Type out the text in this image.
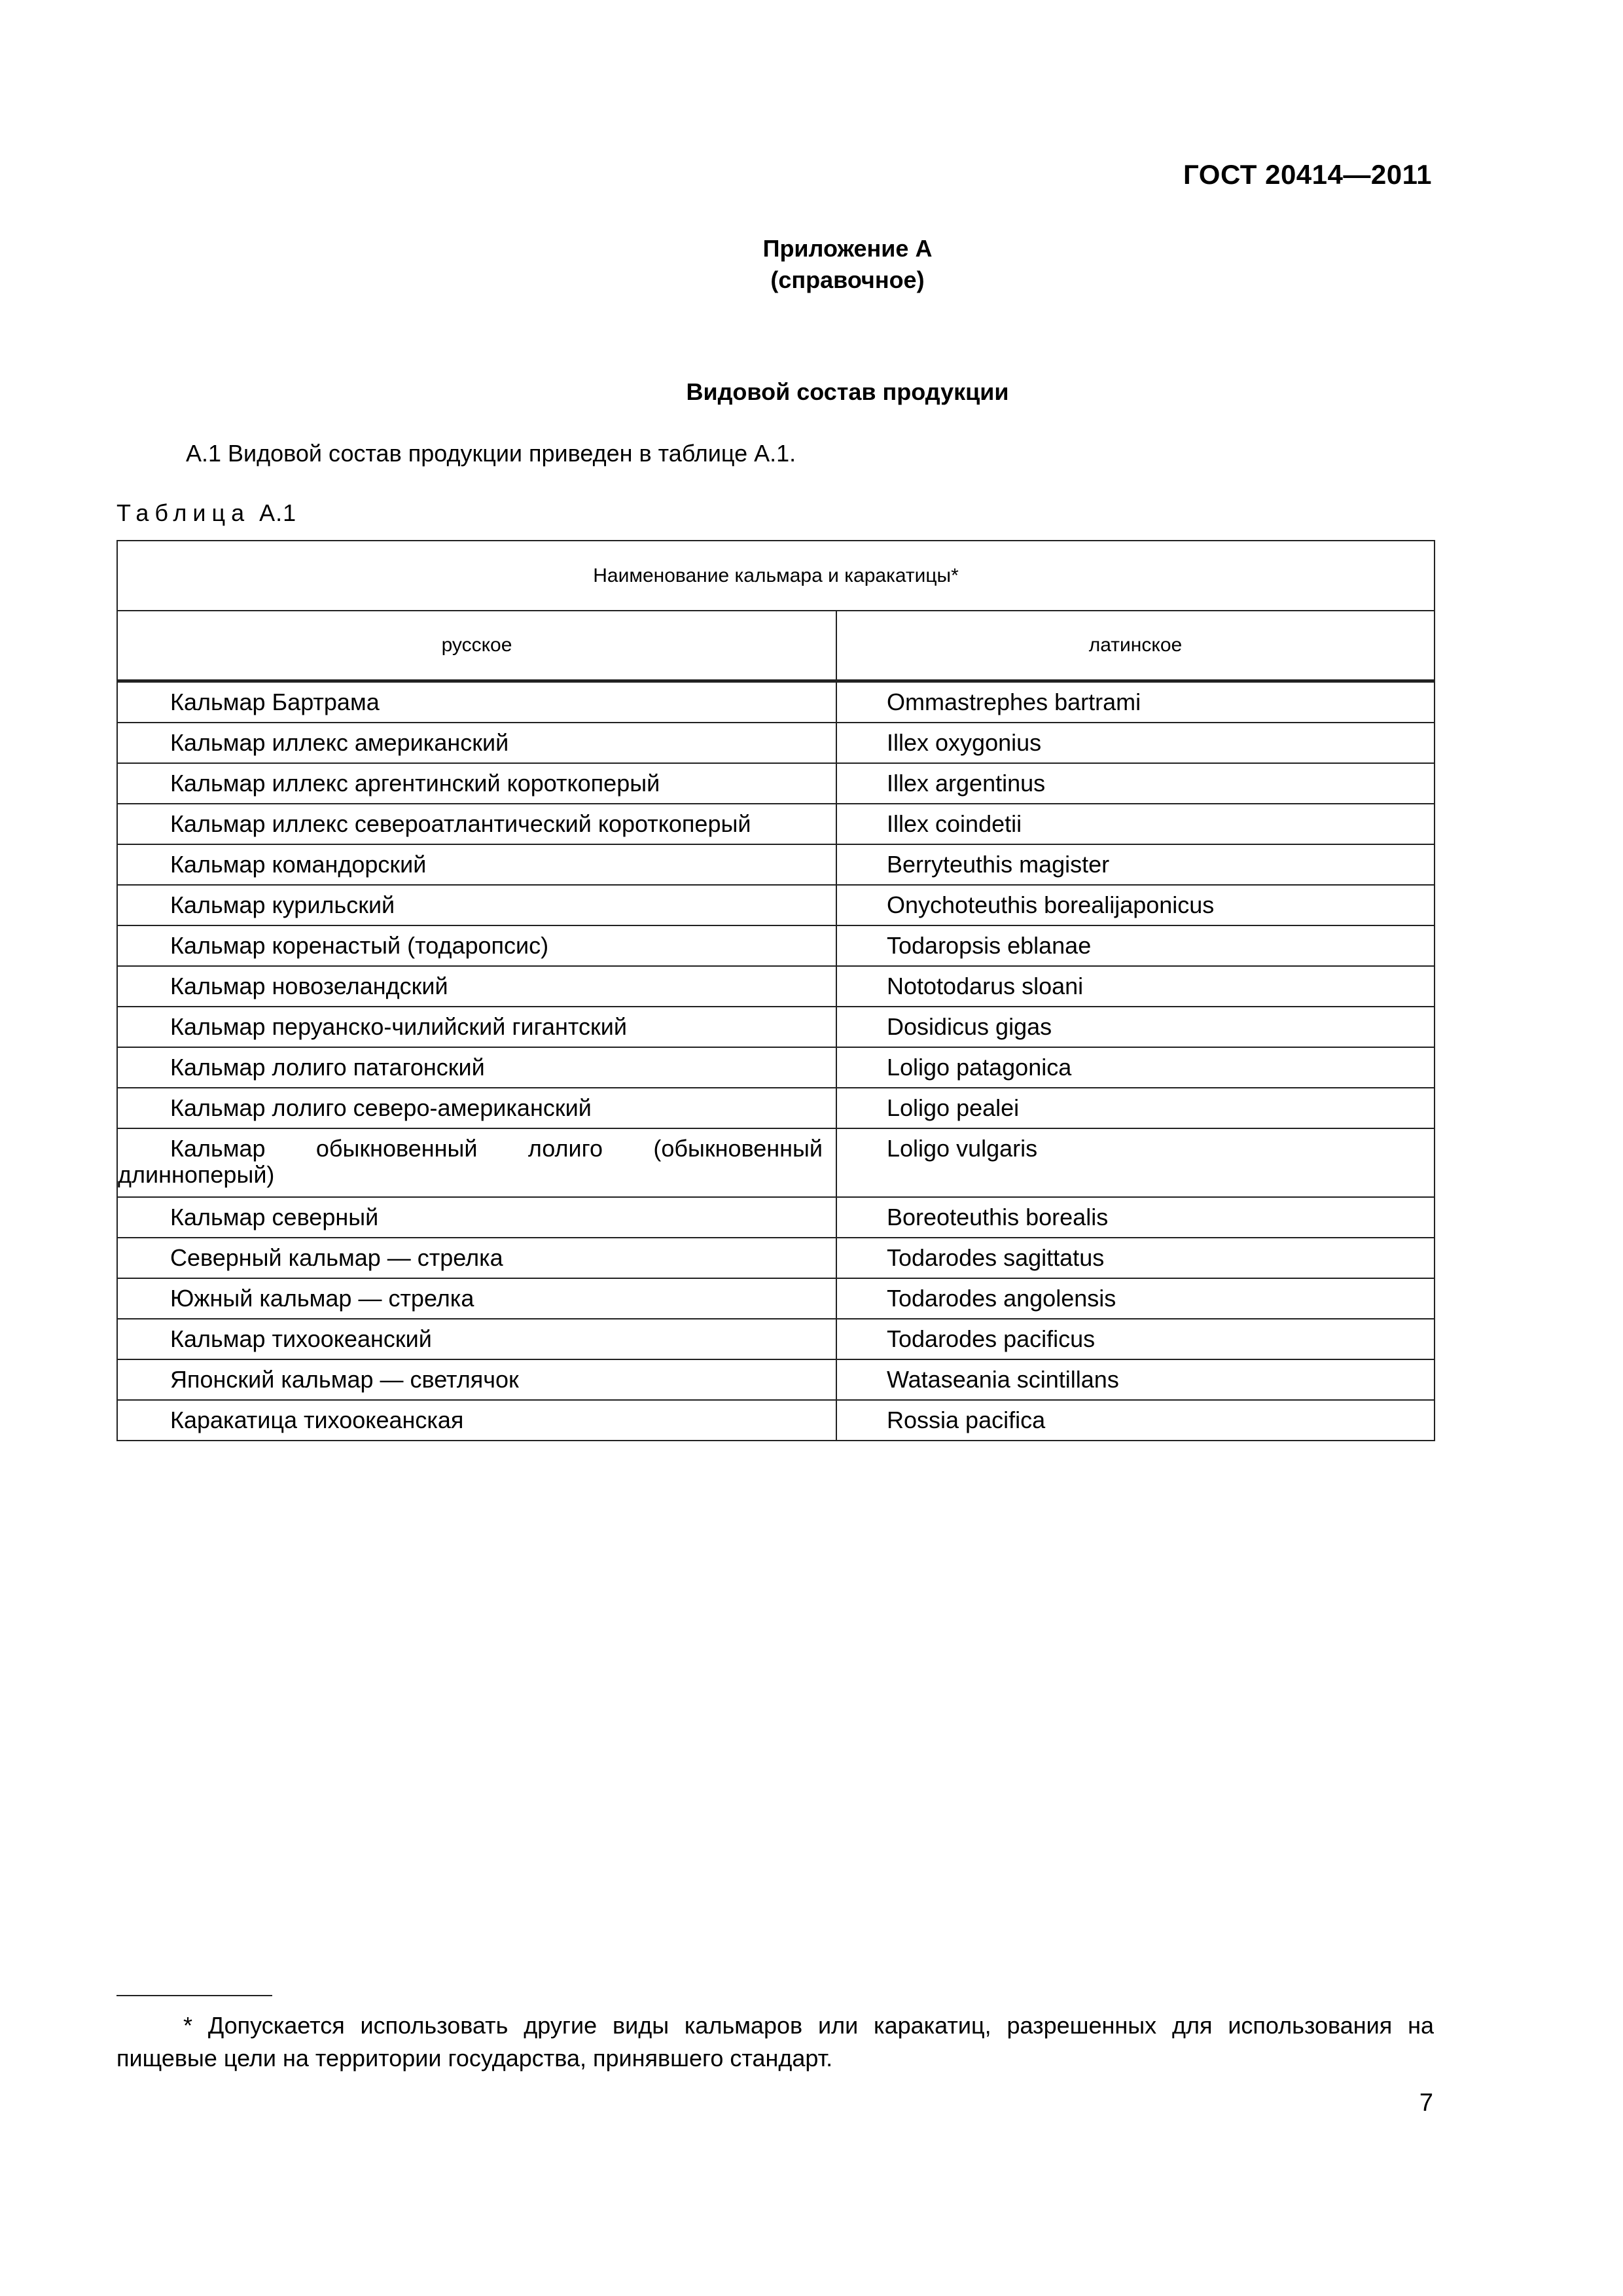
ГОСТ 20414—2011
Приложение А
(справочное)
Видовой состав продукции
А.1 Видовой состав продукции приведен в таблице А.1.
Таблица А.1
Наименование кальмара и каракатицы*	
русское	латинское
Кальмар Бартрама	Ommastrephes bartrami
Кальмар иллекс американский	Illex oxygonius
Кальмар иллекс аргентинский короткоперый	Illex argentinus
Кальмар иллекс североатлантический короткоперый	Illex coindetii
Кальмар командорский	Berryteuthis magister
Кальмар курильский	Onychoteuthis borealijaponicus
Кальмар коренастый (тодаропсис)	Todaropsis eblanae
Кальмар новозеландский	Nototodarus sloani
Кальмар перуанско-чилийский гигантский	Dosidicus gigas
Кальмар лолиго патагонский	Loligo patagonica
Кальмар лолиго северо-американский	Loligo pealei
Кальмар обыкновенный лолиго (обыкновенный длинноперый)	Loligo vulgaris
Кальмар северный	Boreoteuthis borealis
Северный кальмар — стрелка	Todarodes sagittatus
Южный кальмар — стрелка	Todarodes angolensis
Кальмар тихоокеанский	Todarodes pacificus
Японский кальмар — светлячок	Wataseania scintillans
Каракатица тихоокеанская	Rossia pacifica
* Допускается использовать другие виды кальмаров или каракатиц, разрешенных для использования на пищевые цели на территории государства, принявшего стандарт.
7
